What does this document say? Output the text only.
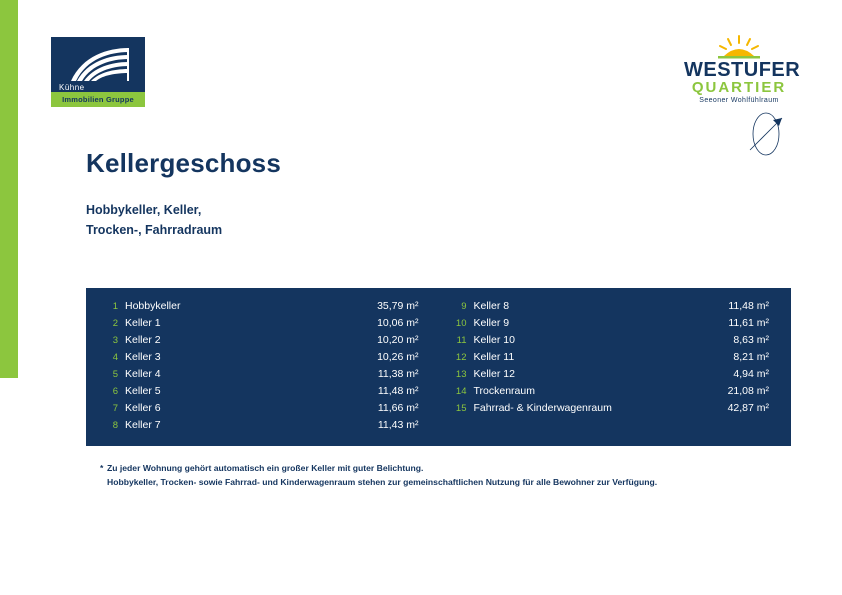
Kühne
Immobilien Gruppe
WESTUFER
QUARTIER
Seeoner Wohlfühlraum
Kellergeschoss
Hobbykeller, Keller,
Trocken-, Fahrradraum
1 Hobbykeller	35,79 m²
2 Keller 1	10,06 m²
3 Keller 2	10,20 m²
4 Keller 3	10,26 m²
5 Keller 4	11,38 m²
6 Keller 5	11,48 m²
7 Keller 6	11,66 m²
8 Keller 7	11,43 m²
9 Keller 8	11,48 m²
10 Keller 9	11,61 m²
11 Keller 10	8,63 m²
12 Keller 11	8,21 m²
13 Keller 12	4,94 m²
14 Trockenraum	21,08 m²
15 Fahrrad- & Kinderwagenraum	42,87 m²
* Zu jeder Wohnung gehört automatisch ein großer Keller mit guter Belichtung.
Hobbykeller, Trocken- sowie Fahrrad- und Kinderwagenraum stehen zur gemeinschaftlichen Nutzung für alle Bewohner zur Verfügung.
